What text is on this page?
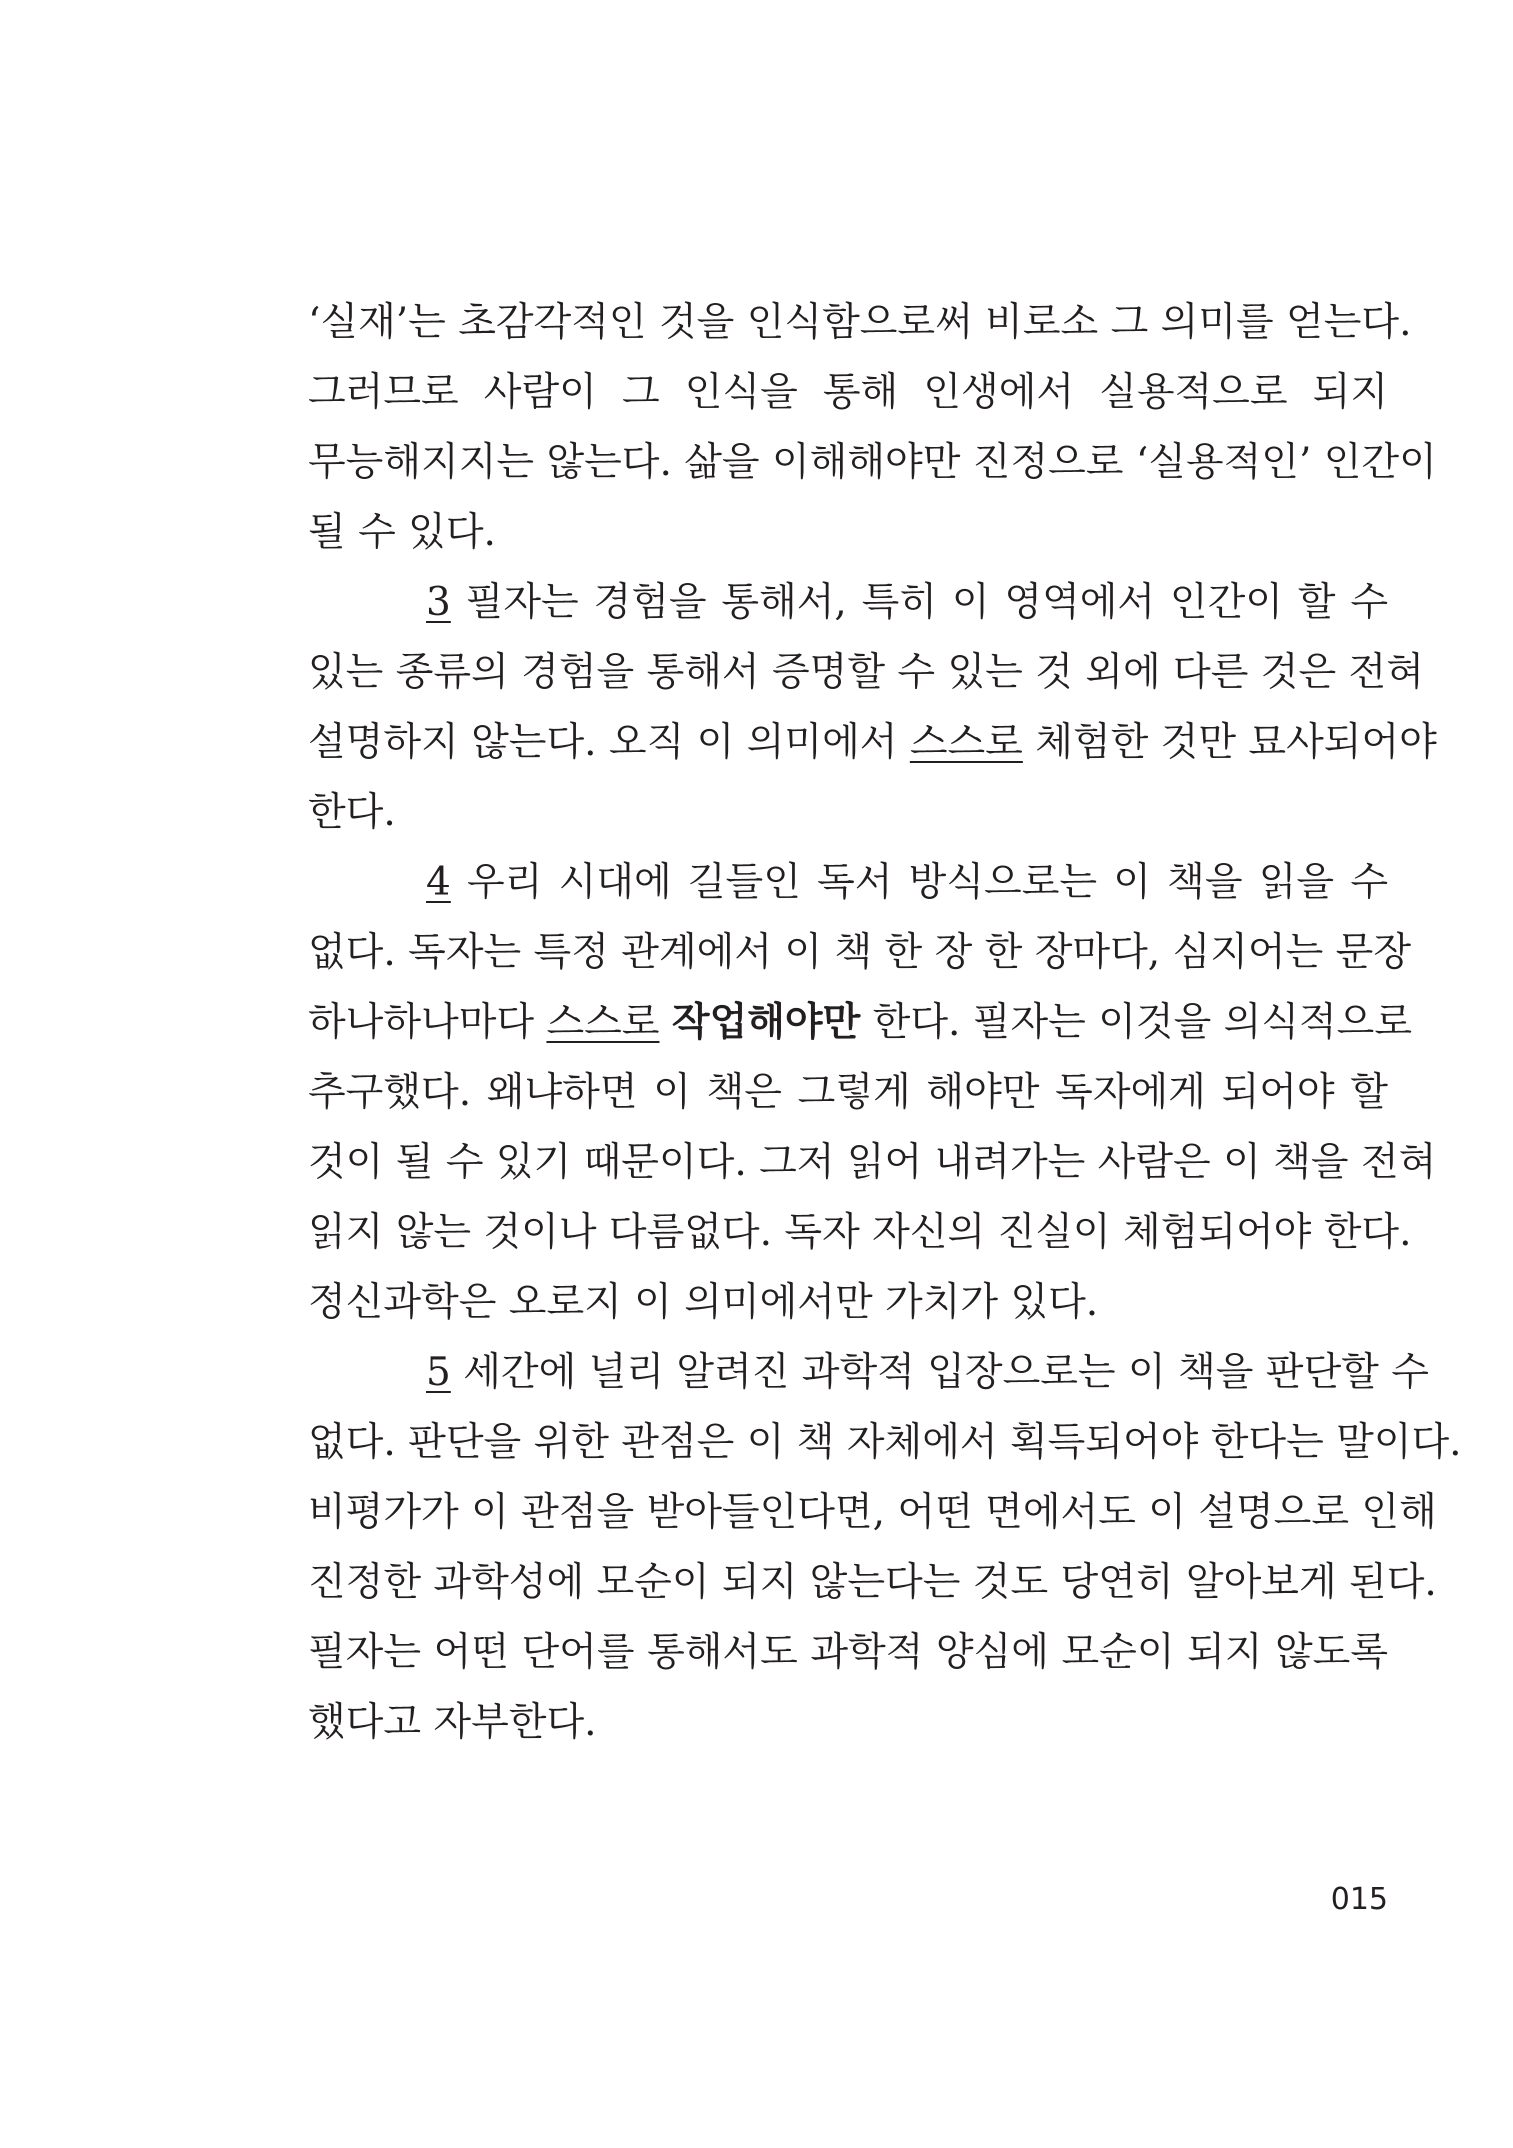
‘실재’는 초감각적인 것을 인식함으로써 비로소 그 의미를 얻는다.
그러므로 사람이 그 인식을 통해 인생에서 실용적으로 되지
무능해지지는 않는다. 삶을 이해해야만 진정으로 ‘실용적인’ 인간이
될 수 있다.
3 필자는 경험을 통해서, 특히 이 영역에서 인간이 할 수
있는 종류의 경험을 통해서 증명할 수 있는 것 외에 다른 것은 전혀
설명하지 않는다. 오직 이 의미에서 스스로 체험한 것만 묘사되어야
한다.
4 우리 시대에 길들인 독서 방식으로는 이 책을 읽을 수
없다. 독자는 특정 관계에서 이 책 한 장 한 장마다, 심지어는 문장
하나하나마다 스스로 작업해야만 한다. 필자는 이것을 의식적으로
추구했다. 왜냐하면 이 책은 그렇게 해야만 독자에게 되어야 할
것이 될 수 있기 때문이다. 그저 읽어 내려가는 사람은 이 책을 전혀
읽지 않는 것이나 다름없다. 독자 자신의 진실이 체험되어야 한다.
정신과학은 오로지 이 의미에서만 가치가 있다.
5 세간에 널리 알려진 과학적 입장으로는 이 책을 판단할 수
없다. 판단을 위한 관점은 이 책 자체에서 획득되어야 한다는 말이다.
비평가가 이 관점을 받아들인다면, 어떤 면에서도 이 설명으로 인해
진정한 과학성에 모순이 되지 않는다는 것도 당연히 알아보게 된다.
필자는 어떤 단어를 통해서도 과학적 양심에 모순이 되지 않도록
했다고 자부한다.
015
